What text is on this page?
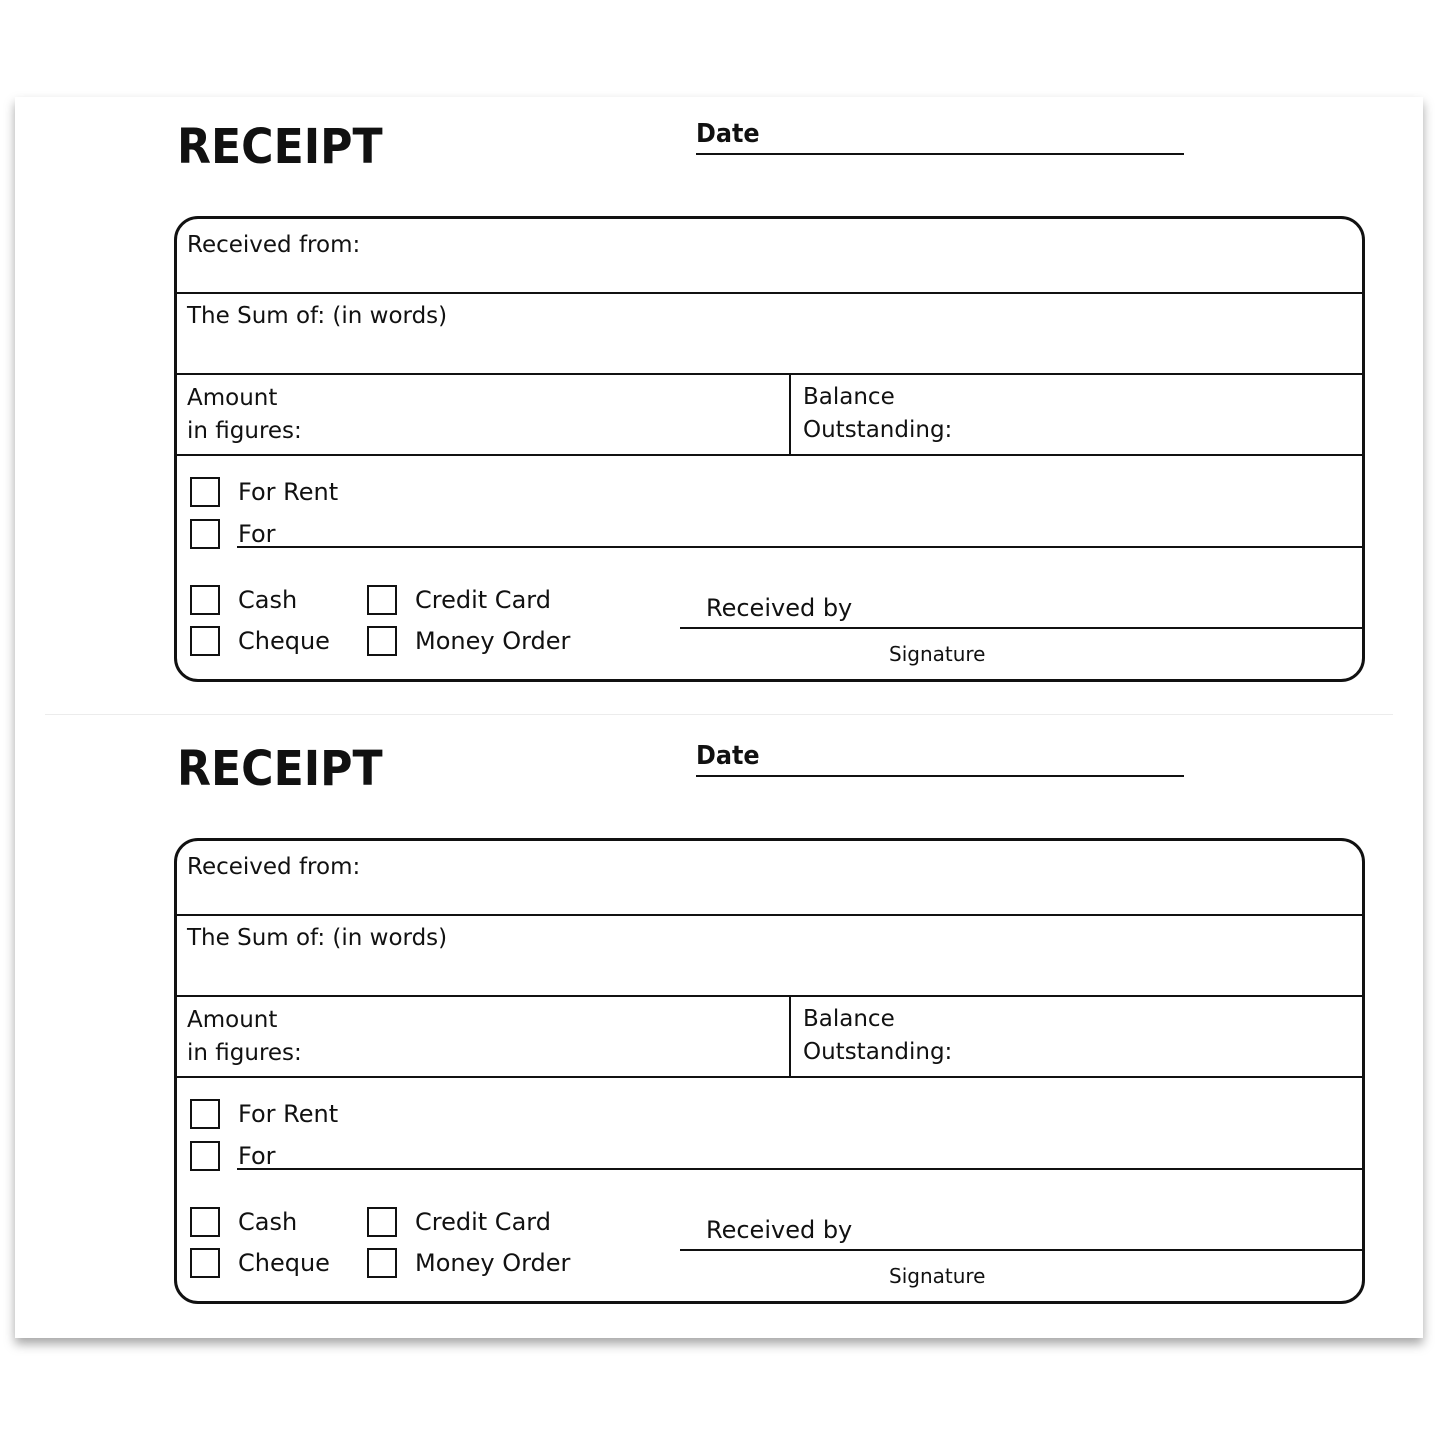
RECEIPT	Date
Received from:
The Sum of: (in words)
Amount
in figures:
Balance
Outstanding:
For Rent
For
Cash
Cheque
Credit Card
Money Order
Received by
Signature
RECEIPT	Date
Received from:
The Sum of: (in words)
Amount
in figures:
Balance
Outstanding:
For Rent
For
Cash
Cheque
Credit Card
Money Order
Received by
Signature
